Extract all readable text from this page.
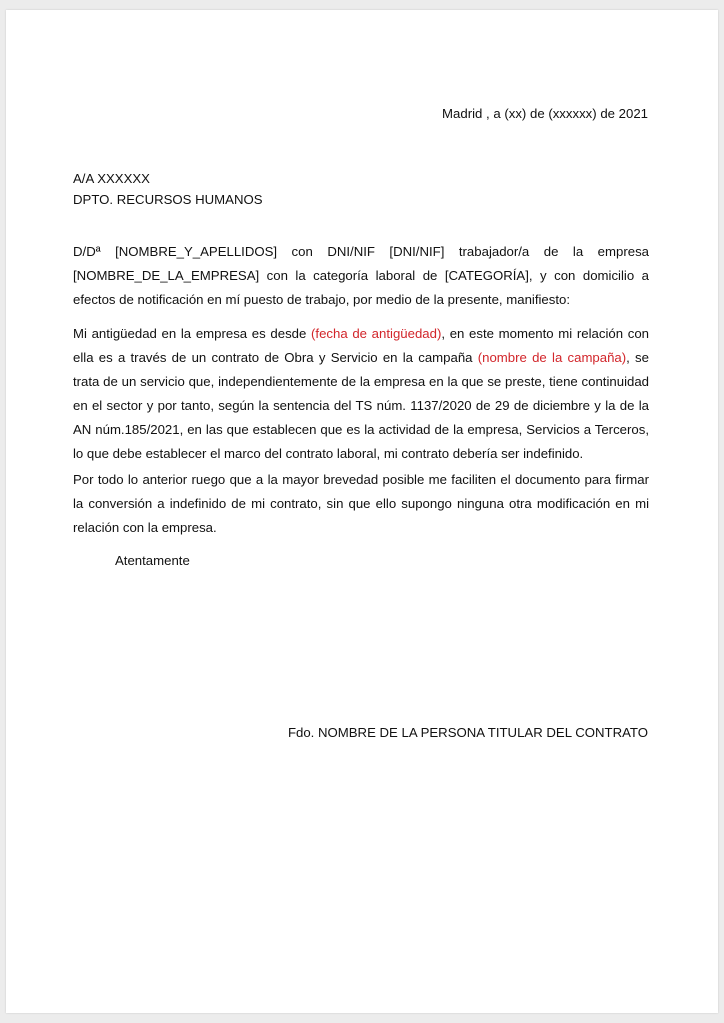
Madrid , a (xx) de (xxxxxx) de 2021
A/A XXXXXX
DPTO. RECURSOS HUMANOS
D/Dª [NOMBRE_Y_APELLIDOS] con DNI/NIF [DNI/NIF] trabajador/a de la empresa [NOMBRE_DE_LA_EMPRESA] con la categoría laboral de [CATEGORÍA], y con domicilio a efectos de notificación en mí puesto de trabajo, por medio de la presente, manifiesto:
Mi antigüedad en la empresa es desde (fecha de antigüedad), en este momento mi relación con ella es a través de un contrato de Obra y Servicio en la campaña (nombre de la campaña), se trata de un servicio que, independientemente de la empresa en la que se preste, tiene continuidad en el sector y por tanto, según la sentencia del TS núm. 1137/2020 de 29 de diciembre y la de la AN núm.185/2021, en las que establecen que es la actividad de la empresa, Servicios a Terceros, lo que debe establecer el marco del contrato laboral, mi contrato debería ser indefinido.
Por todo lo anterior ruego que a la mayor brevedad posible me faciliten el documento para firmar la conversión a indefinido de mi contrato, sin que ello supongo ninguna otra modificación en mi relación con la empresa.
Atentamente
Fdo. NOMBRE DE LA PERSONA TITULAR DEL CONTRATO
